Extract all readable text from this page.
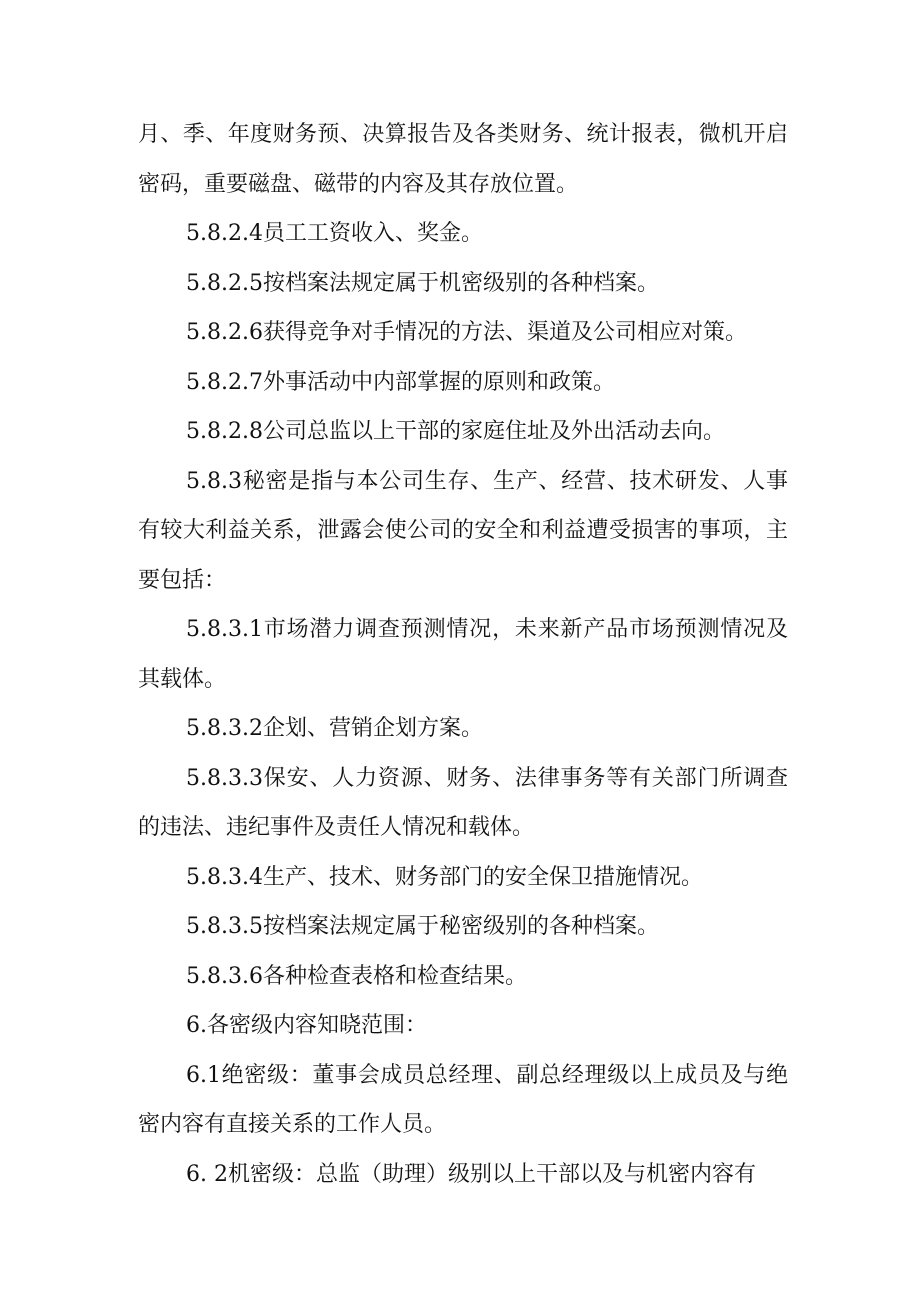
月、季、年度财务预、决算报告及各类财务、统计报表，微机开启密码，重要磁盘、磁带的内容及其存放位置。

5.8.2.4员工工资收入、奖金。

5.8.2.5按档案法规定属于机密级别的各种档案。

5.8.2.6获得竞争对手情况的方法、渠道及公司相应对策。

5.8.2.7外事活动中内部掌握的原则和政策。

5.8.2.8公司总监以上干部的家庭住址及外出活动去向。

5.8.3秘密是指与本公司生存、生产、经营、技术研发、人事有较大利益关系，泄露会使公司的安全和利益遭受损害的事项，主要包括：

5.8.3.1市场潜力调查预测情况，未来新产品市场预测情况及其载体。

5.8.3.2企划、营销企划方案。

5.8.3.3保安、人力资源、财务、法律事务等有关部门所调查的违法、违纪事件及责任人情况和载体。

5.8.3.4生产、技术、财务部门的安全保卫措施情况。

5.8.3.5按档案法规定属于秘密级别的各种档案。

5.8.3.6各种检查表格和检查结果。

6.各密级内容知晓范围：

6.1绝密级：董事会成员总经理、副总经理级以上成员及与绝密内容有直接关系的工作人员。

6. 2机密级：总监（助理）级别以上干部以及与机密内容有
